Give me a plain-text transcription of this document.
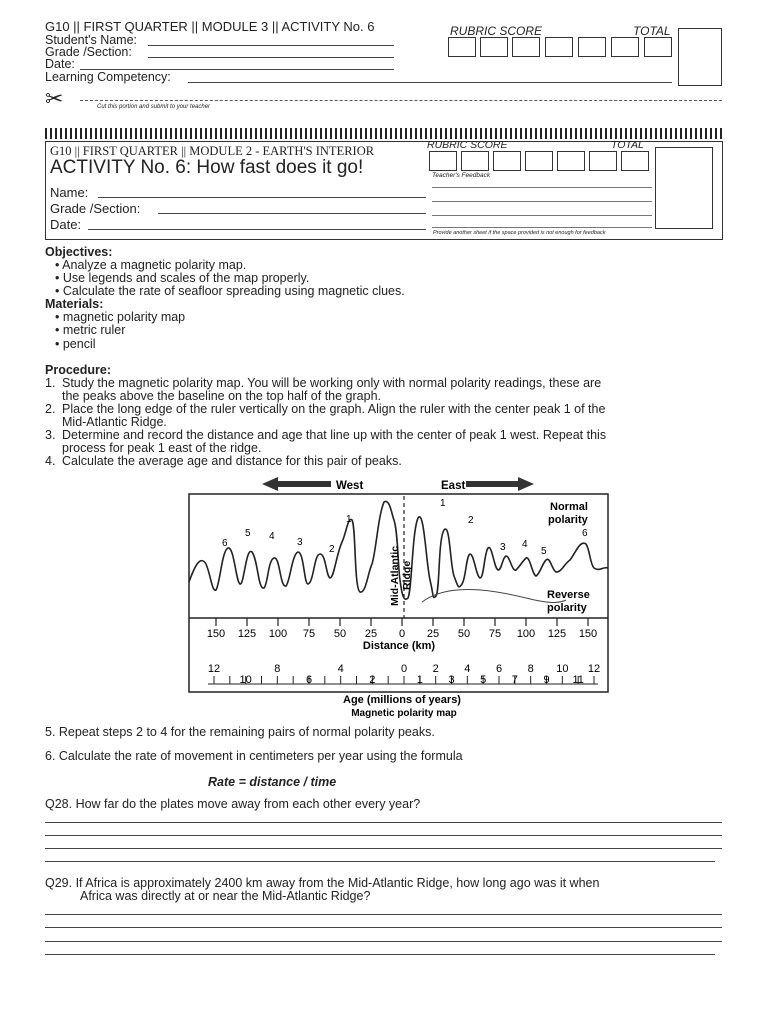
G10 || FIRST QUARTER || MODULE 3 || ACTIVITY No. 6
Student's Name:
Grade /Section:
Date:
Learning Competency:
RUBRIC SCORE	TOTAL
✂	Cut this portion and submit to your teacher
G10 || FIRST QUARTER || MODULE 2 - EARTH'S INTERIOR
ACTIVITY No. 6: How fast does it go!
Name:
Grade /Section:
Date:
RUBRIC SCORE	TOTAL
Teacher's Feedback
Provide another sheet if the space provided is not enough for feedback
Objectives:
• Analyze a magnetic polarity map.
• Use legends and scales of the map properly.
• Calculate the rate of seafloor spreading using magnetic clues.
Materials:
• magnetic polarity map
• metric ruler
• pencil
Procedure:
1. Study the magnetic polarity map. You will be working only with normal polarity readings, these are
the peaks above the baseline on the top half of the graph.
2. Place the long edge of the ruler vertically on the graph. Align the ruler with the center peak 1 of the
Mid-Atlantic Ridge.
3. Determine and record the distance and age that line up with the center of peak 1 west. Repeat this
process for peak 1 east of the ridge.
4. Calculate the average age and distance for this pair of peaks.
West	East
Mid-Atlantic Ridge
6
5 4
3
2
1
1
2
3 4
5
6
Normal
polarity
Reverse
polarity
150 125 100 75 50 25 0 25 50 75 100 125 150
Distance (km)
12	8	4	0 2 4 6 8 10 12
10	6	2	1 3 5 7 9 11
Age (millions of years)
Magnetic polarity map
5. Repeat steps 2 to 4 for the remaining pairs of normal polarity peaks.
6. Calculate the rate of movement in centimeters per year using the formula
Rate = distance / time
Q28. How far do the plates move away from each other every year?
Q29. If Africa is approximately 2400 km away from the Mid-Atlantic Ridge, how long ago was it when
Africa was directly at or near the Mid-Atlantic Ridge?
